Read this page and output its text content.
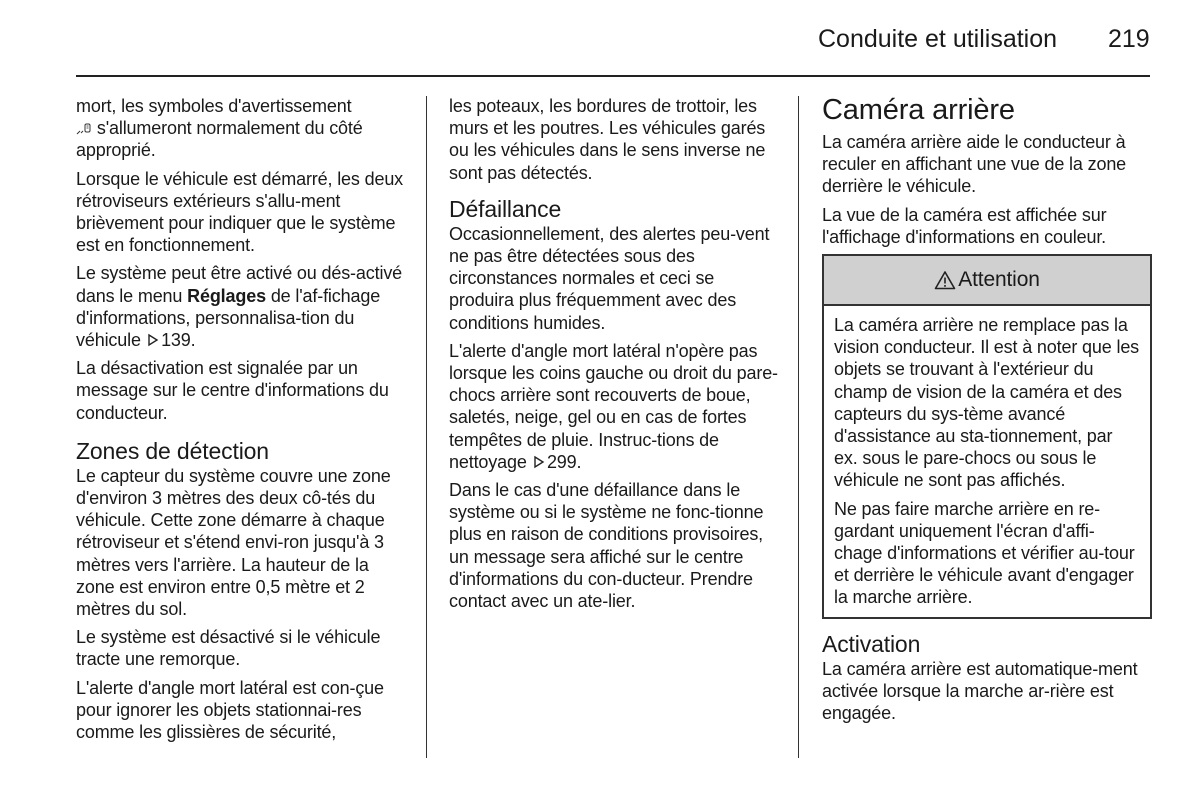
Conduite et utilisation 219

mort, les symboles d'avertissement
s'allumeront normalement du côté approprié.

Lorsque le véhicule est démarré, les deux rétroviseurs extérieurs s'allu-ment brièvement pour indiquer que le système est en fonctionnement.

Le système peut être activé ou dés-activé dans le menu Réglages de l'af-fichage d'informations, personnalisa-tion du véhicule  139.

La désactivation est signalée par un message sur le centre d'informations du conducteur.

Zones de détection

Le capteur du système couvre une zone d'environ 3 mètres des deux cô-tés du véhicule. Cette zone démarre à chaque rétroviseur et s'étend envi-ron jusqu'à 3 mètres vers l'arrière. La hauteur de la zone est environ entre 0,5 mètre et 2 mètres du sol.

Le système est désactivé si le véhicule tracte une remorque.

L'alerte d'angle mort latéral est con-çue pour ignorer les objets stationnai-res comme les glissières de sécurité,

les poteaux, les bordures de trottoir, les murs et les poutres. Les véhicules garés ou les véhicules dans le sens inverse ne sont pas détectés.

Défaillance

Occasionnellement, des alertes peu-vent ne pas être détectées sous des circonstances normales et ceci se produira plus fréquemment avec des conditions humides.

L'alerte d'angle mort latéral n'opère pas lorsque les coins gauche ou droit du pare-chocs arrière sont recouverts de boue, saletés, neige, gel ou en cas de fortes tempêtes de pluie. Instruc-tions de nettoyage  299.

Dans le cas d'une défaillance dans le système ou si le système ne fonc-tionne plus en raison de conditions provisoires, un message sera affiché sur le centre d'informations du con-ducteur. Prendre contact avec un ate-lier.

Caméra arrière

La caméra arrière aide le conducteur à reculer en affichant une vue de la zone derrière le véhicule.

La vue de la caméra est affichée sur l'affichage d'informations en couleur.

Attention

La caméra arrière ne remplace pas la vision conducteur. Il est à noter que les objets se trouvant à l'extérieur du champ de vision de la caméra et des capteurs du sys-tème avancé d'assistance au sta-tionnement, par ex. sous le pare-chocs ou sous le véhicule ne sont pas affichés.

Ne pas faire marche arrière en re-gardant uniquement l'écran d'affi-chage d'informations et vérifier au-tour et derrière le véhicule avant d'engager la marche arrière.

Activation

La caméra arrière est automatique-ment activée lorsque la marche ar-rière est engagée.
